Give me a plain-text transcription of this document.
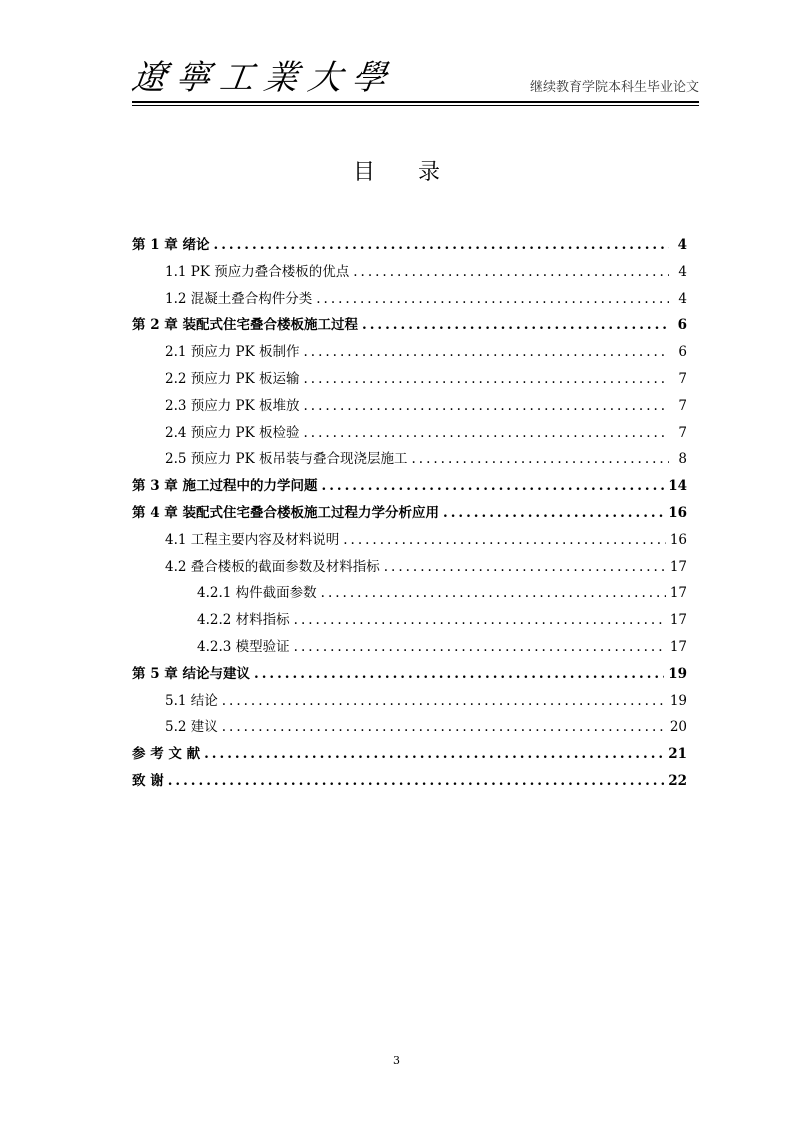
遼寧工業大學	继续教育学院本科生毕业论文
目 录
第 1 章 绪论 .....	4
1.1 PK 预应力叠合楼板的优点 .....	4
1.2 混凝土叠合构件分类 .....	4
第 2 章 装配式住宅叠合楼板施工过程 .....	6
2.1 预应力 PK 板制作 .....	6
2.2 预应力 PK 板运输 .....	7
2.3 预应力 PK 板堆放 .....	7
2.4 预应力 PK 板检验 .....	7
2.5 预应力 PK 板吊装与叠合现浇层施工 .....	8
第 3 章 施工过程中的力学问题 .....	14
第 4 章 装配式住宅叠合楼板施工过程力学分析应用 .....	16
4.1 工程主要内容及材料说明 .....	16
4.2 叠合楼板的截面参数及材料指标 .....	17
4.2.1 构件截面参数 .....	17
4.2.2 材料指标 .....	17
4.2.3 模型验证 .....	17
第 5 章 结论与建议 .....	19
5.1 结论 .....	19
5.2 建议 .....	20
参 考 文 献 .....	21
致 谢 .....	22
3
